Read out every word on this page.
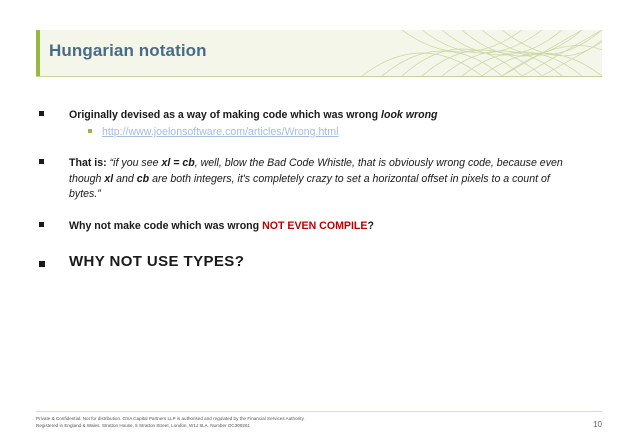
Hungarian notation
Originally devised as a way of making code which was wrong look wrong
http://www.joelonsoftware.com/articles/Wrong.html
That is: “if you see xl = cb, well, blow the Bad Code Whistle, that is obviously wrong code, because even
though xl and cb are both integers, it's completely crazy to set a horizontal offset in pixels to a count of
bytes.”
Why not make code which was wrong NOT EVEN COMPILE?
WHY NOT USE TYPES?
Private & Confidential. Not for distribution. GSA Capital Partners LLP is authorised and regulated by the Financial Services Authority.
Registered in England & Wales. Stratton House, 5 Stratton Street, London, W1J 8LA. Number OC309261	10
